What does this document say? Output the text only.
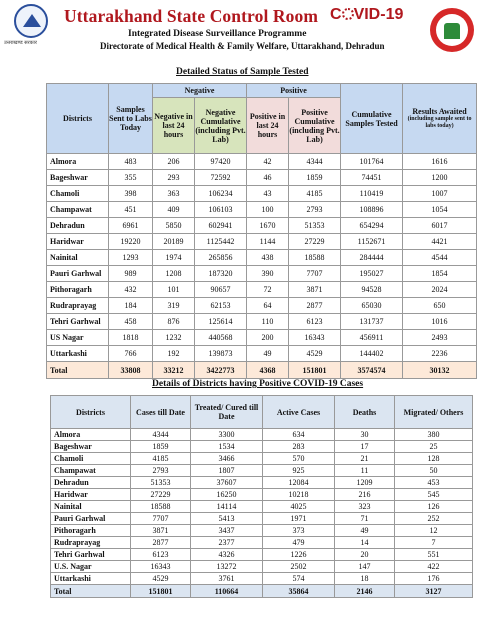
उत्तराखण्ड सरकार
Uttarakhand State Control Room C VID-19
Integrated Disease Surveillance Programme
Directorate of Medical Health & Family Welfare, Uttarakhand, Dehradun
Detailed Status of Sample Tested
Districts	Samples Sent to Labs Today	Negative		Positive		Cumulative Samples Tested	Results Awaited
(including sample sent to labs today)
		Negative in last 24 hours	Negative Cumulative (including Pvt. Lab)	Positive in last 24 hours	Positive Cumulative (including Pvt. Lab)		
Almora	483	206	97420	42	4344	101764	1616
Bageshwar	355	293	72592	46	1859	74451	1200
Chamoli	398	363	106234	43	4185	110419	1007
Champawat	451	409	106103	100	2793	108896	1054
Dehradun	6961	5850	602941	1670	51353	654294	6017
Haridwar	19220	20189	1125442	1144	27229	1152671	4421
Nainital	1293	1974	265856	438	18588	284444	4544
Pauri Garhwal	989	1208	187320	390	7707	195027	1854
Pithoragarh	432	101	90657	72	3871	94528	2024
Rudraprayag	184	319	62153	64	2877	65030	650
Tehri Garhwal	458	876	125614	110	6123	131737	1016
US Nagar	1818	1232	440568	200	16343	456911	2493
Uttarkashi	766	192	139873	49	4529	144402	2236
Total	33808	33212	3422773	4368	151801	3574574	30132
Details of Districts having Positive COVID-19 Cases
Districts	Cases till Date	Treated/ Cured till Date	Active Cases	Deaths	Migrated/ Others
Almora	4344	3300	634	30	380
Bageshwar	1859	1534	283	17	25
Chamoli	4185	3466	570	21	128
Champawat	2793	1807	925	11	50
Dehradun	51353	37607	12084	1209	453
Haridwar	27229	16250	10218	216	545
Nainital	18588	14114	4025	323	126
Pauri Garhwal	7707	5413	1971	71	252
Pithoragarh	3871	3437	373	49	12
Rudraprayag	2877	2377	479	14	7
Tehri Garhwal	6123	4326	1226	20	551
U.S. Nagar	16343	13272	2502	147	422
Uttarkashi	4529	3761	574	18	176
Total	151801	110664	35864	2146	3127
